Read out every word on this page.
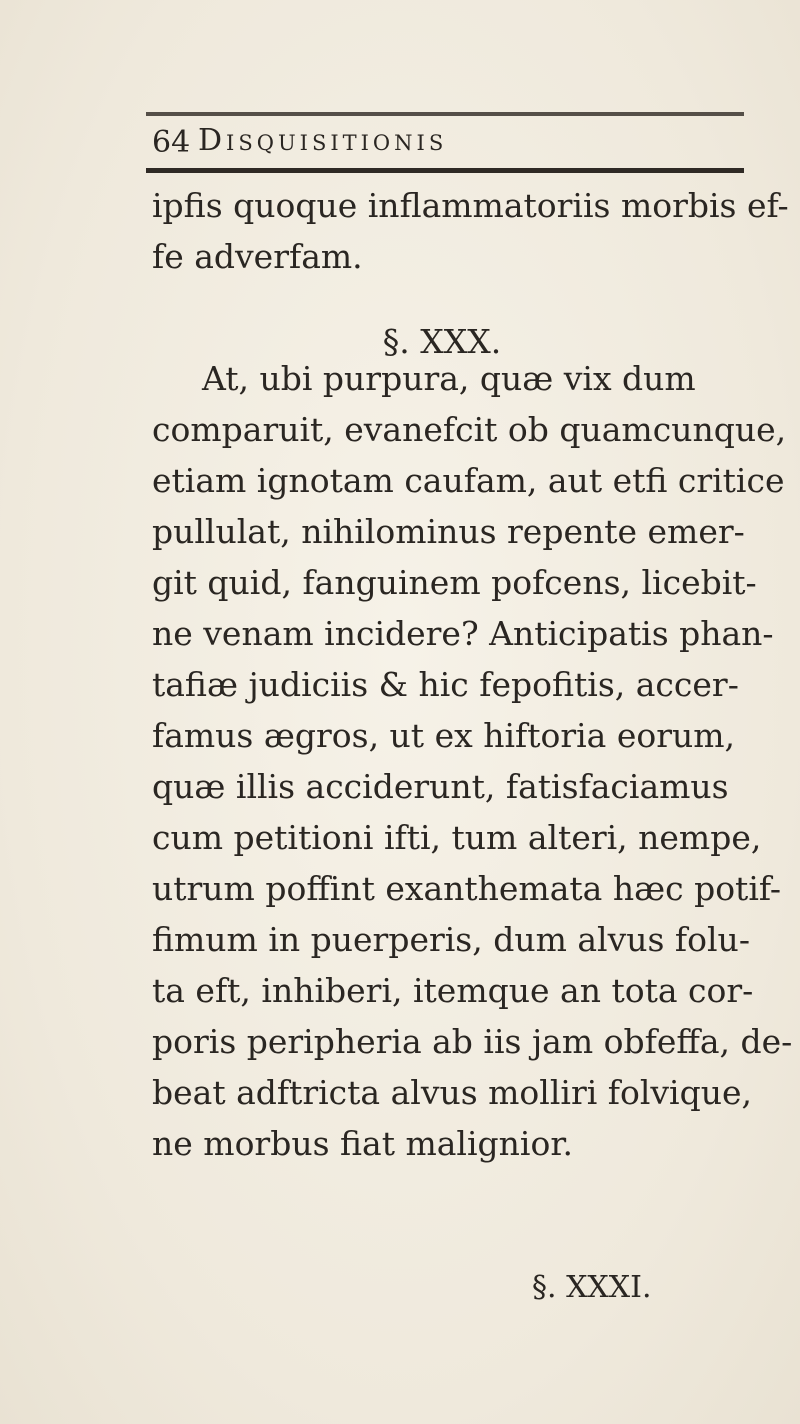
64 Disquisitionis
ipfis quoque inflammatoriis morbis ef-
fe adverfam.
§. XXX.
At, ubi purpura, quæ vix dum
comparuit, evanefcit ob quamcunque,
etiam ignotam caufam, aut etfi critice
pullulat, nihilominus repente emer-
git quid, fanguinem pofcens, licebit-
ne venam incidere? Anticipatis phan-
tafiæ judiciis & hic fepofitis, accer-
famus ægros, ut ex hiftoria eorum,
quæ illis acciderunt, fatisfaciamus
cum petitioni ifti, tum alteri, nempe,
utrum poffint exanthemata hæc potif-
fimum in puerperis, dum alvus folu-
ta eft, inhiberi, itemque an tota cor-
poris peripheria ab iis jam obfeffa, de-
beat adftricta alvus molliri folvique,
ne morbus fiat malignior.
§. XXXI.
